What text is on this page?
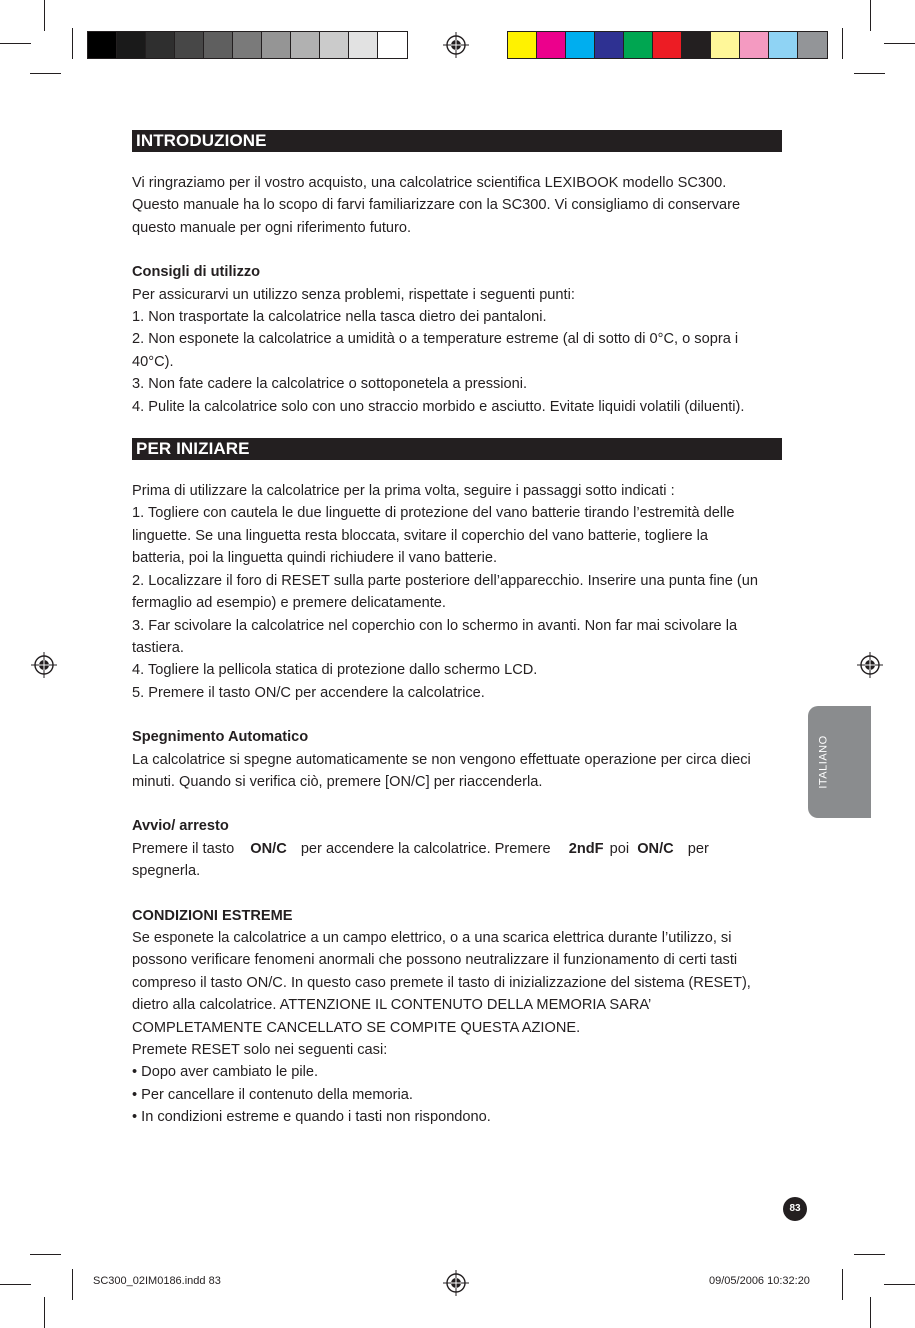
INTRODUZIONE

Vi ringraziamo per il vostro acquisto, una calcolatrice scientifica LEXIBOOK modello SC300.

Questo manuale ha lo scopo di farvi familiarizzare con la SC300. Vi consigliamo di conservare

questo manuale per ogni riferimento futuro.

Consigli di utilizzo

Per assicurarvi un utilizzo senza problemi, rispettate i seguenti punti:

1. Non trasportate la calcolatrice nella tasca dietro dei pantaloni.

2. Non esponete la calcolatrice a umidità o a temperature estreme (al di sotto di 0°C, o sopra i

40°C).

3. Non fate cadere la calcolatrice o sottoponetela a pressioni.

4. Pulite la calcolatrice solo con uno straccio morbido e asciutto. Evitate liquidi volatili (diluenti).

PER INIZIARE

Prima di utilizzare la calcolatrice per la prima volta, seguire i passaggi sotto indicati :

1. Togliere con cautela le due linguette di protezione del vano batterie tirando l’estremità delle

linguette. Se una linguetta resta bloccata, svitare il coperchio del vano batterie, togliere la

batteria, poi la linguetta quindi richiudere il vano batterie.

2. Localizzare il foro di RESET sulla parte posteriore dell’apparecchio. Inserire una punta fine (un

fermaglio ad esempio) e premere delicatamente.

3. Far scivolare la calcolatrice nel coperchio con lo schermo in avanti. Non far mai scivolare la

tastiera.

4. Togliere la pellicola statica di protezione dallo schermo LCD.

5. Premere il tasto ON/C per accendere la calcolatrice.

Spegnimento Automatico

La calcolatrice si spegne automaticamente se non vengono effettuate operazione per circa dieci

minuti. Quando si verifica ciò, premere [ON/C] per riaccenderla.

Avvio/ arresto

Premere il tasto ON/C per accendere la calcolatrice. Premere 2ndF poi ON/C per

spegnerla.

CONDIZIONI ESTREME

Se esponete la calcolatrice a un campo elettrico, o a una scarica elettrica durante l’utilizzo, si

possono verificare fenomeni anormali che possono neutralizzare il funzionamento di certi tasti

compreso il tasto ON/C. In questo caso premete il tasto di inizializzazione del sistema (RESET),

dietro alla calcolatrice. ATTENZIONE IL CONTENUTO DELLA MEMORIA SARA’

COMPLETAMENTE CANCELLATO SE COMPITE QUESTA AZIONE.

Premete RESET solo nei seguenti casi:

• Dopo aver cambiato le pile.

• Per cancellare il contenuto della memoria.

• In condizioni estreme e quando i tasti non rispondono.

ITALIANO
83
SC300_02IM0186.indd 83	09/05/2006 10:32:20
